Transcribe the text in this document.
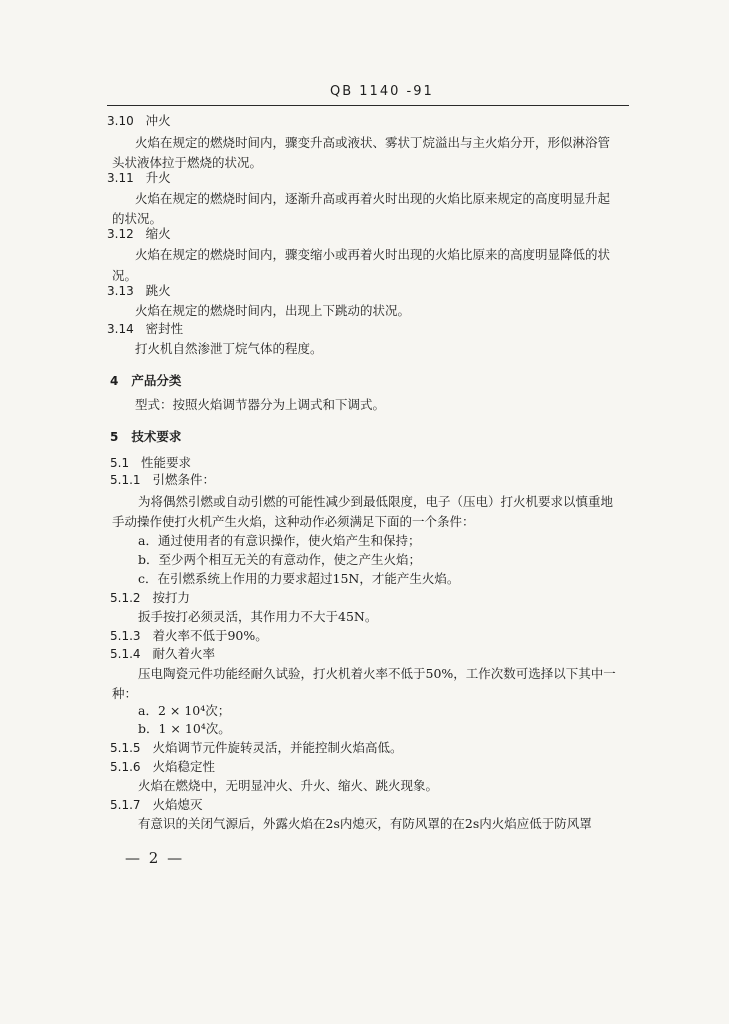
QB 1140 -91
3.10 冲火
火焰在规定的燃烧时间内，骤变升高或液状、雾状丁烷溢出与主火焰分开，形似淋浴管
头状液体拉于燃烧的状况。
3.11 升火
火焰在规定的燃烧时间内，逐渐升高或再着火时出现的火焰比原来规定的高度明显升起
的状况。
3.12 缩火
火焰在规定的燃烧时间内，骤变缩小或再着火时出现的火焰比原来的高度明显降低的状
况。
3.13 跳火
火焰在规定的燃烧时间内，出现上下跳动的状况。
3.14 密封性
打火机自然渗泄丁烷气体的程度。
4 产品分类
型式：按照火焰调节器分为上调式和下调式。
5 技术要求
5.1 性能要求
5.1.1 引燃条件：
为将偶然引燃或自动引燃的可能性减少到最低限度，电子（压电）打火机要求以慎重地
手动操作使打火机产生火焰，这种动作必须满足下面的一个条件：
a．通过使用者的有意识操作，使火焰产生和保持；
b．至少两个相互无关的有意动作，使之产生火焰；
c．在引燃系统上作用的力要求超过15N，才能产生火焰。
5.1.2 按打力
扳手按打必须灵活，其作用力不大于45N。
5.1.3 着火率不低于90%。
5.1.4 耐久着火率
压电陶瓷元件功能经耐久试验，打火机着火率不低于50%，工作次数可选择以下其中一
种：
a．2 × 10⁴次；
b．1 × 10⁴次。
5.1.5 火焰调节元件旋转灵活，并能控制火焰高低。
5.1.6 火焰稳定性
火焰在燃烧中，无明显冲火、升火、缩火、跳火现象。
5.1.7 火焰熄灭
有意识的关闭气源后，外露火焰在2s内熄灭，有防风罩的在2s内火焰应低于防风罩
— 2 —
